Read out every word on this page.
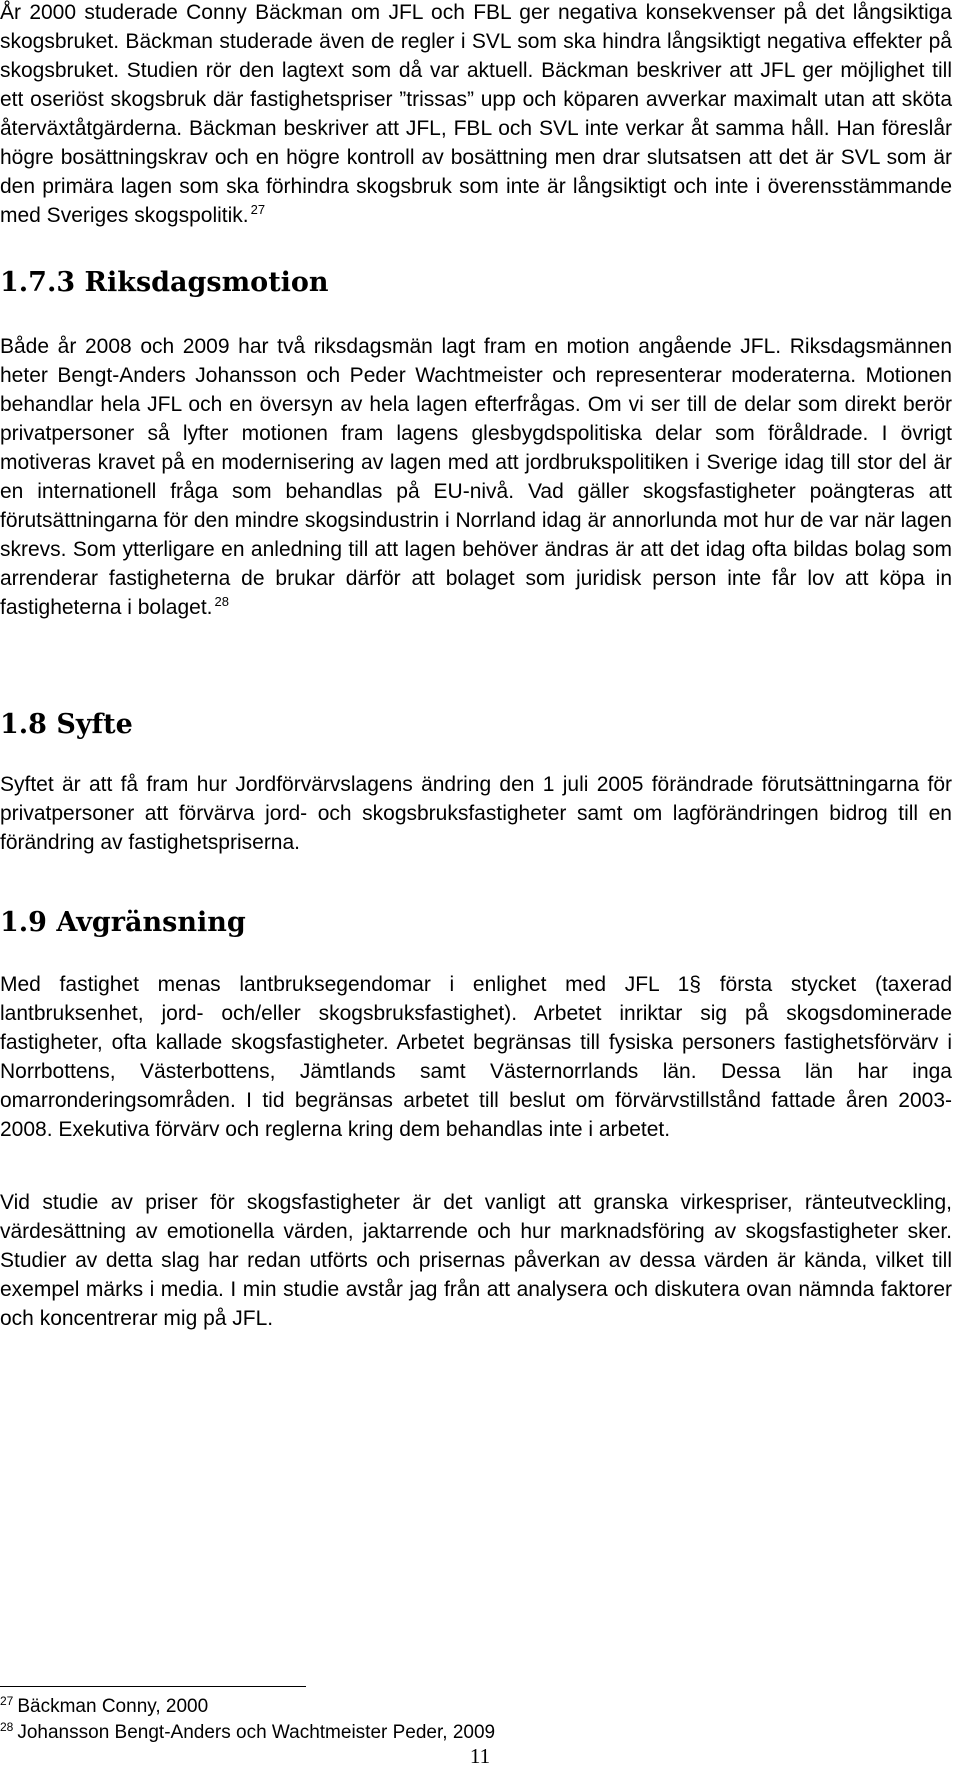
År 2000 studerade Conny Bäckman om JFL och FBL ger negativa konsekvenser på det långsiktiga skogsbruket. Bäckman studerade även de regler i SVL som ska hindra långsiktigt negativa effekter på skogsbruket. Studien rör den lagtext som då var aktuell. Bäckman beskriver att JFL ger möjlighet till ett oseriöst skogsbruk där fastighetspriser ”trissas” upp och köparen avverkar maximalt utan att sköta återväxtåtgärderna. Bäckman beskriver att JFL, FBL och SVL inte verkar åt samma håll. Han föreslår högre bosättningskrav och en högre kontroll av bosättning men drar slutsatsen att det är SVL som är den primära lagen som ska förhindra skogsbruk som inte är långsiktigt och inte i överensstämmande med Sveriges skogspolitik. $^{27}$

1.7.3 Riksdagsmotion

Både år 2008 och 2009 har två riksdagsmän lagt fram en motion angående JFL. Riksdagsmännen heter Bengt-Anders Johansson och Peder Wachtmeister och representerar moderaterna. Motionen behandlar hela JFL och en översyn av hela lagen efterfrågas. Om vi ser till de delar som direkt berör privatpersoner så lyfter motionen fram lagens glesbygdspolitiska delar som föråldrade. I övrigt motiveras kravet på en modernisering av lagen med att jordbrukspolitiken i Sverige idag till stor del är en internationell fråga som behandlas på EU-nivå. Vad gäller skogsfastigheter poängteras att förutsättningarna för den mindre skogsindustrin i Norrland idag är annorlunda mot hur de var när lagen skrevs. Som ytterligare en anledning till att lagen behöver ändras är att det idag ofta bildas bolag som arrenderar fastigheterna de brukar därför att bolaget som juridisk person inte får lov att köpa in fastigheterna i bolaget. $^{28}$

1.8 Syfte

Syftet är att få fram hur Jordförvärvslagens ändring den 1 juli 2005 förändrade förutsättningarna för privatpersoner att förvärva jord- och skogsbruksfastigheter samt om lagförändringen bidrog till en förändring av fastighetspriserna.

1.9 Avgränsning

Med fastighet menas lantbruksegendomar i enlighet med JFL 1§ första stycket (taxerad lantbruksenhet, jord- och/eller skogsbruksfastighet). Arbetet inriktar sig på skogsdominerade fastigheter, ofta kallade skogsfastigheter. Arbetet begränsas till fysiska personers fastighetsförvärv i Norrbottens, Västerbottens, Jämtlands samt Västernorrlands län. Dessa län har inga omarronderingsområden. I tid begränsas arbetet till beslut om förvärvstillstånd fattade åren 2003-2008. Exekutiva förvärv och reglerna kring dem behandlas inte i arbetet.

Vid studie av priser för skogsfastigheter är det vanligt att granska virkespriser, ränteutveckling, värdesättning av emotionella värden, jaktarrende och hur marknadsföring av skogsfastigheter sker. Studier av detta slag har redan utförts och prisernas påverkan av dessa värden är kända, vilket till exempel märks i media. I min studie avstår jag från att analysera och diskutera ovan nämnda faktorer och koncentrerar mig på JFL.

$^{27}$ Bäckman Conny, 2000

$^{28}$ Johansson Bengt-Anders och Wachtmeister Peder, 2009

11
